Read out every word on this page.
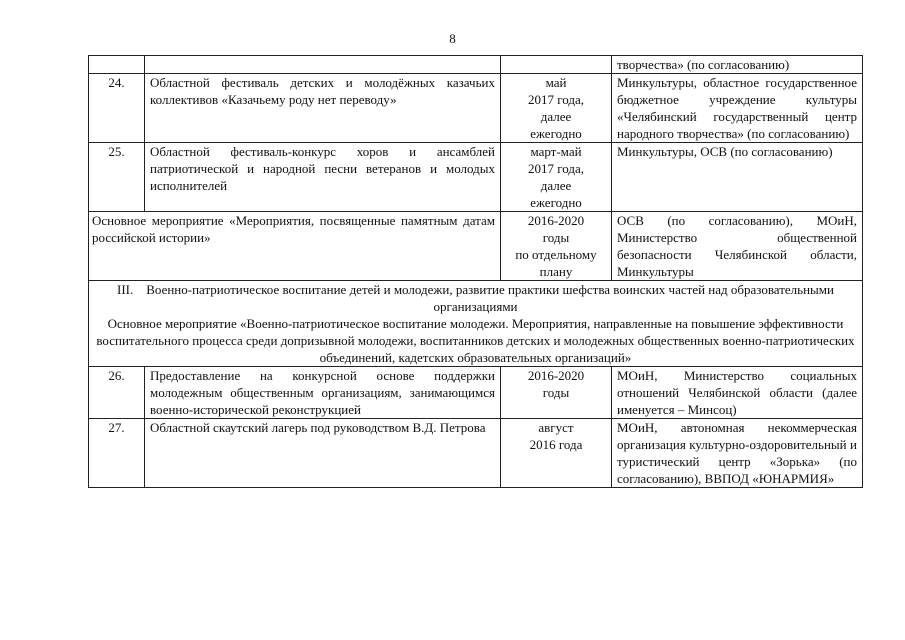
8
			творчества» (по согласованию)
24.	Областной фестиваль детских и молодёжных казачьих коллективов «Казачьему роду нет переводу»	май
2017 года,
далее
ежегодно	Минкультуры, областное государственное бюджетное учреждение культуры «Челябинский государственный центр народного творчества» (по согласованию)
25.	Областной фестиваль-конкурс хоров и ансамблей патриотической и народной песни ветеранов и молодых исполнителей	март-май
2017 года,
далее
ежегодно	Минкультуры, ОСВ (по согласованию)
Основное мероприятие «Мероприятия, посвященные памятным датам российской истории»		2016-2020
годы
по отдельному
плану	ОСВ (по согласованию), МОиН, Министерство общественной безопасности Челябинской области, Минкультуры

III.    Военно-патриотическое воспитание детей и молодежи, развитие практики шефства воинских частей над образовательными организациями
Основное мероприятие «Военно-патриотическое воспитание молодежи. Мероприятия, направленные на повышение эффективности воспитательного процесса среди допризывной молодежи, воспитанников детских и молодежных общественных военно-патриотических объединений, кадетских образовательных организаций»			

26.	Предоставление на конкурсной основе поддержки молодежным общественным организациям, занимающимся военно-исторической реконструкцией	2016-2020
годы	МОиН, Министерство социальных отношений Челябинской области (далее именуется – Минсоц)
27.	Областной скаутский лагерь под руководством В.Д. Петрова	август
2016 года	МОиН, автономная некоммерческая организация культурно-оздоровительный и туристический центр «Зорька» (по согласованию), ВВПОД «ЮНАРМИЯ»
